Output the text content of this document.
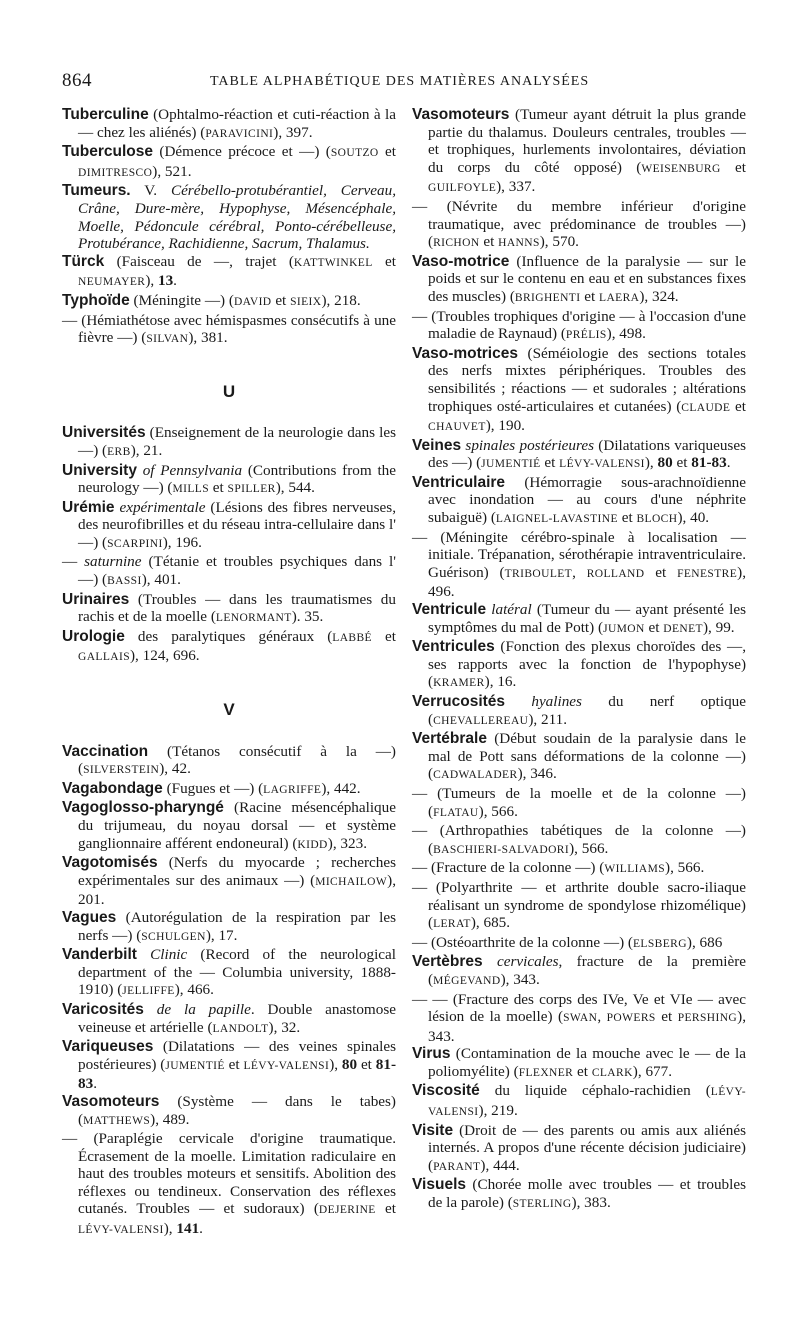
864	TABLE ALPHABÉTIQUE DES MATIÈRES ANALYSÉES

Tuberculine (Ophtalmo-réaction et cuti-réaction à la — chez les aliénés) (PARAVICINI), 397.

Tuberculose (Démence précoce et —) (SOUTZO et DIMITRESCO), 521.

Tumeurs. V. Cérébello-protubérantiel, Cerveau, Crâne, Dure-mère, Hypophyse, Mésencéphale, Moelle, Pédoncule cérébral, Ponto-cérébelleuse, Protubérance, Rachidienne, Sacrum, Thalamus.

Türck (Faisceau de —, trajet (KATTWINKEL et NEUMAYER), 13.

Typhoïde (Méningite —) (DAVID et SIEIX), 218.

— (Hémiathétose avec hémispasmes consécutifs à une fièvre —) (SILVAN), 381.

U

Universités (Enseignement de la neurologie dans les —) (ERB), 21.

University of Pennsylvania (Contributions from the neurology —) (MILLS et SPILLER), 544.

Urémie expérimentale (Lésions des fibres nerveuses, des neurofibrilles et du réseau intra-cellulaire dans l' —) (SCARPINI), 196.

— saturnine (Tétanie et troubles psychiques dans l' —) (BASSI), 401.

Urinaires (Troubles — dans les traumatismes du rachis et de la moelle (LENORMANT). 35.

Urologie des paralytiques généraux (LABBÉ et GALLAIS), 124, 696.

V

Vaccination (Tétanos consécutif à la —) (SILVERSTEIN), 42.

Vagabondage (Fugues et —) (LAGRIFFE), 442.

Vagoglosso-pharyngé (Racine mésencéphalique du trijumeau, du noyau dorsal — et système ganglionnaire afférent endoneural) (KIDD), 323.

Vagotomisés (Nerfs du myocarde ; recherches expérimentales sur des animaux —) (MICHAILOW), 201.

Vagues (Autorégulation de la respiration par les nerfs —) (SCHULGEN), 17.

Vanderbilt Clinic (Record of the neurological department of the — Columbia university, 1888-1910) (JELLIFFE), 466.

Varicosités de la papille. Double anastomose veineuse et artérielle (LANDOLT), 32.

Variqueuses (Dilatations — des veines spinales postérieures) (JUMENTIÉ et LÉVY-VALENSI), 80 et 81-83.

Vasomoteurs (Système — dans le tabes) (MATTHEWS), 489.

— (Paraplégie cervicale d'origine traumatique. Écrasement de la moelle. Limitation radiculaire en haut des troubles moteurs et sensitifs. Abolition des réflexes ou tendineux. Conservation des réflexes cutanés. Troubles — et sudoraux) (DEJERINE et LÉVY-VALENSI), 141.

Vasomoteurs (Tumeur ayant détruit la plus grande partie du thalamus. Douleurs centrales, troubles — et trophiques, hurlements involontaires, déviation du corps du côté opposé) (WEISENBURG et GUILFOYLE), 337.

— (Névrite du membre inférieur d'origine traumatique, avec prédominance de troubles —) (RICHON et HANNS), 570.

Vaso-motrice (Influence de la paralysie — sur le poids et sur le contenu en eau et en substances fixes des muscles) (BRIGHENTI et LAERA), 324.

— (Troubles trophiques d'origine — à l'occasion d'une maladie de Raynaud) (PRÉLIS), 498.

Vaso-motrices (Séméiologie des sections totales des nerfs mixtes périphériques. Troubles des sensibilités ; réactions — et sudorales ; altérations trophiques osté-articulaires et cutanées) (CLAUDE et CHAUVET), 190.

Veines spinales postérieures (Dilatations variqueuses des —) (JUMENTIÉ et LÉVY-VALENSI), 80 et 81-83.

Ventriculaire (Hémorragie sous-arachnoïdienne avec inondation — au cours d'une néphrite subaiguë) (LAIGNEL-LAVASTINE et BLOCH), 40.

— (Méningite cérébro-spinale à localisation — initiale. Trépanation, sérothérapie intraventriculaire. Guérison) (TRIBOULET, ROLLAND et FENESTRE), 496.

Ventricule latéral (Tumeur du — ayant présenté les symptômes du mal de Pott) (JUMON et DENET), 99.

Ventricules (Fonction des plexus choroïdes des —, ses rapports avec la fonction de l'hypophyse) (KRAMER), 16.

Verrucosités hyalines du nerf optique (CHEVALLEREAU), 211.

Vertébrale (Début soudain de la paralysie dans le mal de Pott sans déformations de la colonne —) (CADWALADER), 346.

— (Tumeurs de la moelle et de la colonne —) (FLATAU), 566.

— (Arthropathies tabétiques de la colonne —) (BASCHIERI-SALVADORI), 566.

— (Fracture de la colonne —) (WILLIAMS), 566.

— (Polyarthrite — et arthrite double sacro-iliaque réalisant un syndrome de spondylose rhizomélique) (LERAT), 685.

— (Ostéoarthrite de la colonne —) (ELSBERG), 686

Vertèbres cervicales, fracture de la première (MÉGEVAND), 343.

— — (Fracture des corps des IVe, Ve et VIe — avec lésion de la moelle) (SWAN, POWERS et PERSHING), 343.

Virus (Contamination de la mouche avec le — de la poliomyélite) (FLEXNER et CLARK), 677.

Viscosité du liquide céphalo-rachidien (LÉVY-VALENSI), 219.

Visite (Droit de — des parents ou amis aux aliénés internés. A propos d'une récente décision judiciaire) (PARANT), 444.

Visuels (Chorée molle avec troubles — et troubles de la parole) (STERLING), 383.
